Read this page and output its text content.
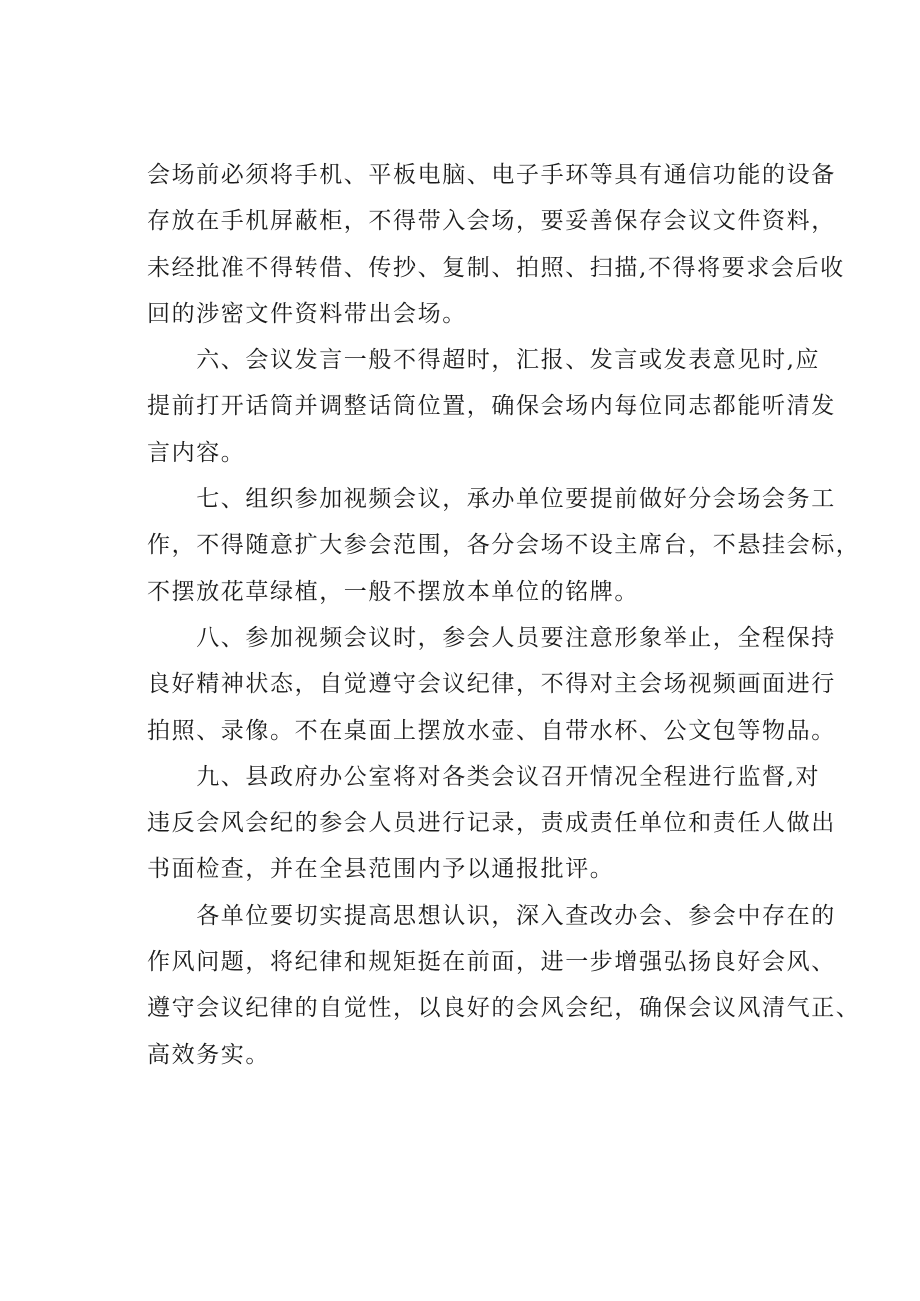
会场前必须将手机、平板电脑、电子手环等具有通信功能的设备
存放在手机屏蔽柜，不得带入会场，要妥善保存会议文件资料，
未经批准不得转借、传抄、复制、拍照、扫描,不得将要求会后收
回的涉密文件资料带出会场。

　　六、会议发言一般不得超时，汇报、发言或发表意见时,应
提前打开话筒并调整话筒位置，确保会场内每位同志都能听清发
言内容。

　　七、组织参加视频会议，承办单位要提前做好分会场会务工
作，不得随意扩大参会范围，各分会场不设主席台，不悬挂会标，
不摆放花草绿植，一般不摆放本单位的铭牌。

　　八、参加视频会议时，参会人员要注意形象举止，全程保持
良好精神状态，自觉遵守会议纪律，不得对主会场视频画面进行
拍照、录像。不在桌面上摆放水壶、自带水杯、公文包等物品。

　　九、县政府办公室将对各类会议召开情况全程进行监督,对
违反会风会纪的参会人员进行记录，责成责任单位和责任人做出
书面检查，并在全县范围内予以通报批评。

　　各单位要切实提高思想认识，深入查改办会、参会中存在的
作风问题，将纪律和规矩挺在前面，进一步增强弘扬良好会风、
遵守会议纪律的自觉性，以良好的会风会纪，确保会议风清气正、
高效务实。
